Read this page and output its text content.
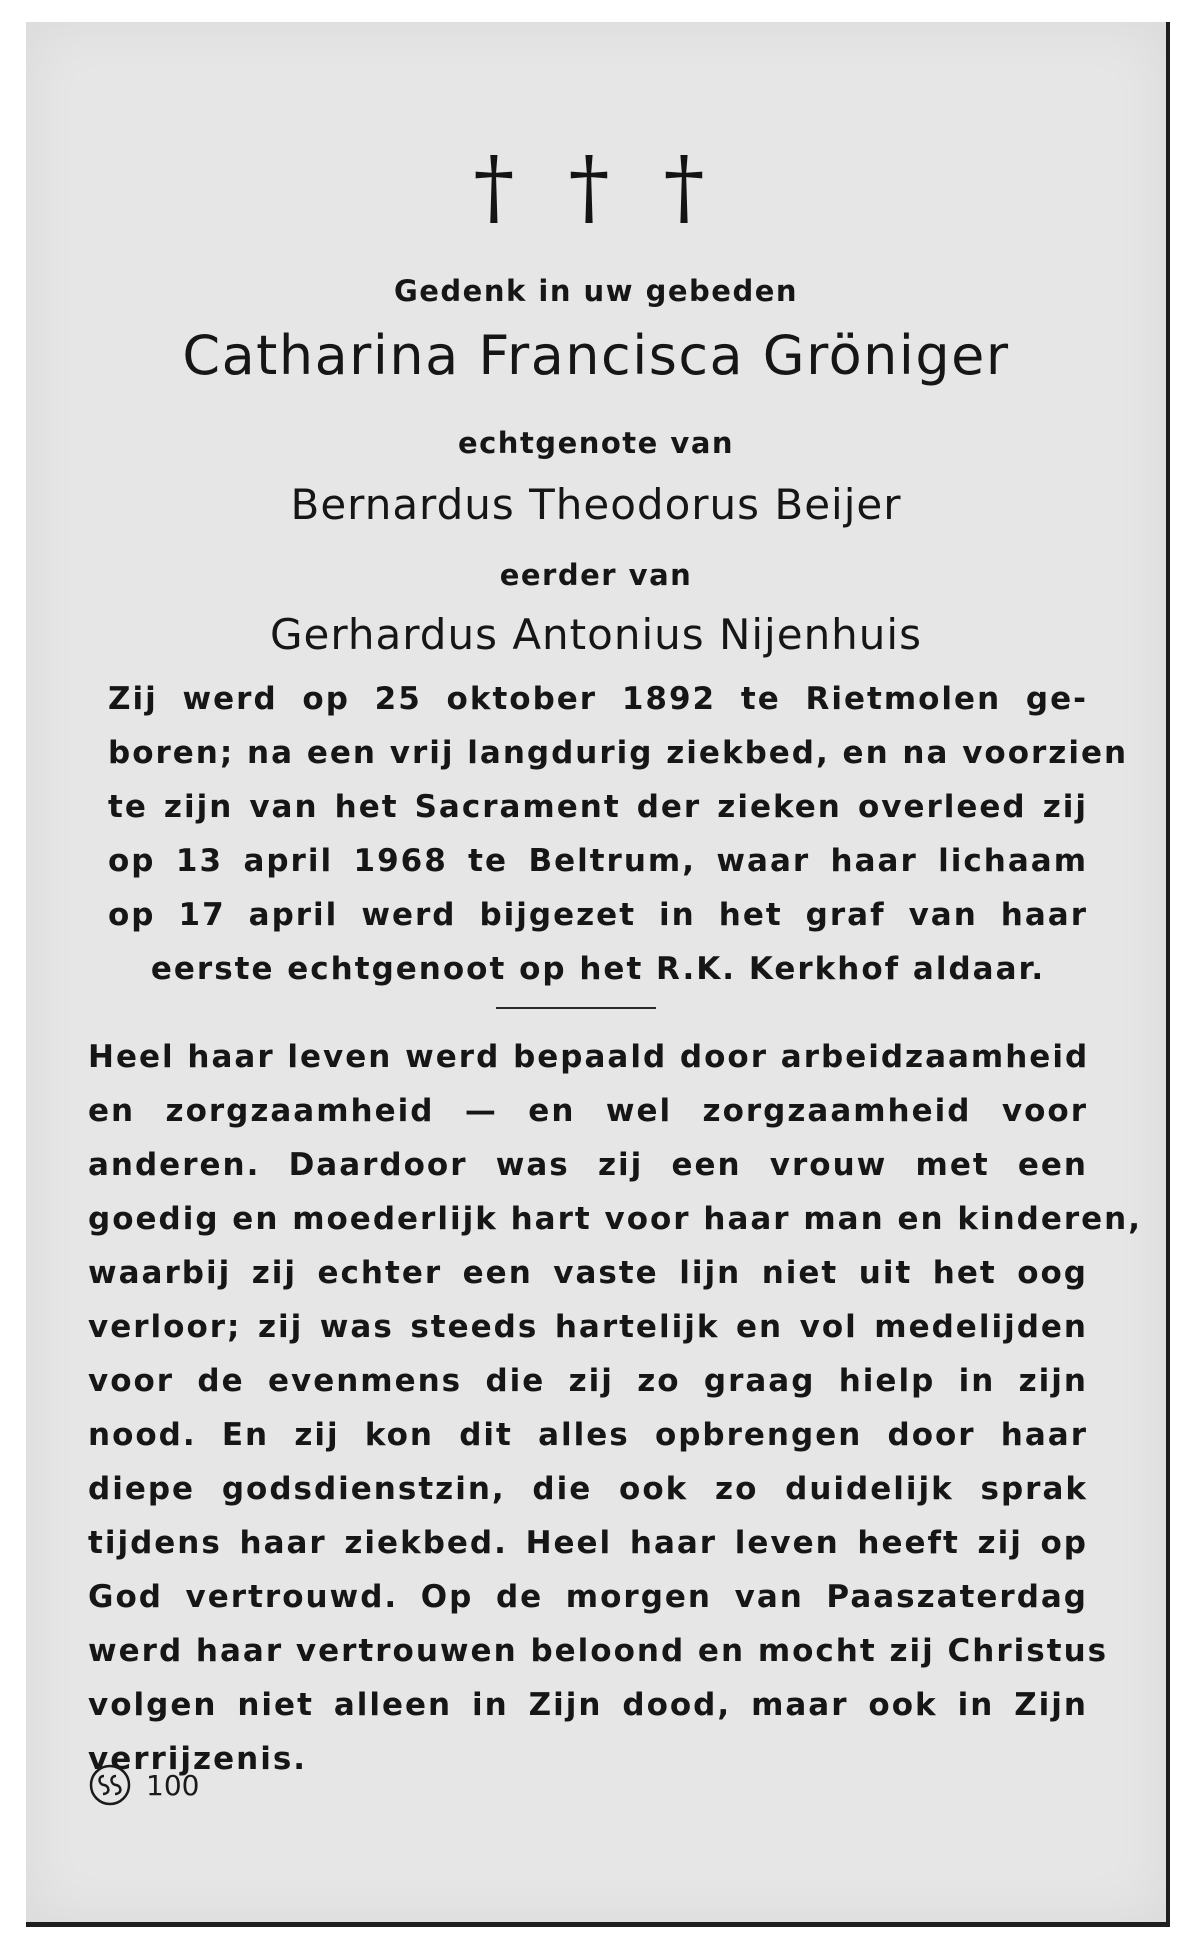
† † †
Gedenk in uw gebeden
Catharina Francisca Gröniger
echtgenote van
Bernardus Theodorus Beijer
eerder van
Gerhardus Antonius Nijenhuis
Zij werd op 25 oktober 1892 te Rietmolen ge-
boren; na een vrij langdurig ziekbed, en na voorzien
te zijn van het Sacrament der zieken overleed zij
op 13 april 1968 te Beltrum, waar haar lichaam
op 17 april werd bijgezet in het graf van haar
eerste echtgenoot op het R.K. Kerkhof aldaar.
Heel haar leven werd bepaald door arbeidzaamheid
en zorgzaamheid — en wel zorgzaamheid voor
anderen. Daardoor was zij een vrouw met een
goedig en moederlijk hart voor haar man en kinderen,
waarbij zij echter een vaste lijn niet uit het oog
verloor; zij was steeds hartelijk en vol medelijden
voor de evenmens die zij zo graag hielp in zijn
nood. En zij kon dit alles opbrengen door haar
diepe godsdienstzin, die ook zo duidelijk sprak
tijdens haar ziekbed. Heel haar leven heeft zij op
God vertrouwd. Op de morgen van Paaszaterdag
werd haar vertrouwen beloond en mocht zij Christus
volgen niet alleen in Zijn dood, maar ook in Zijn
verrijzenis.
100
